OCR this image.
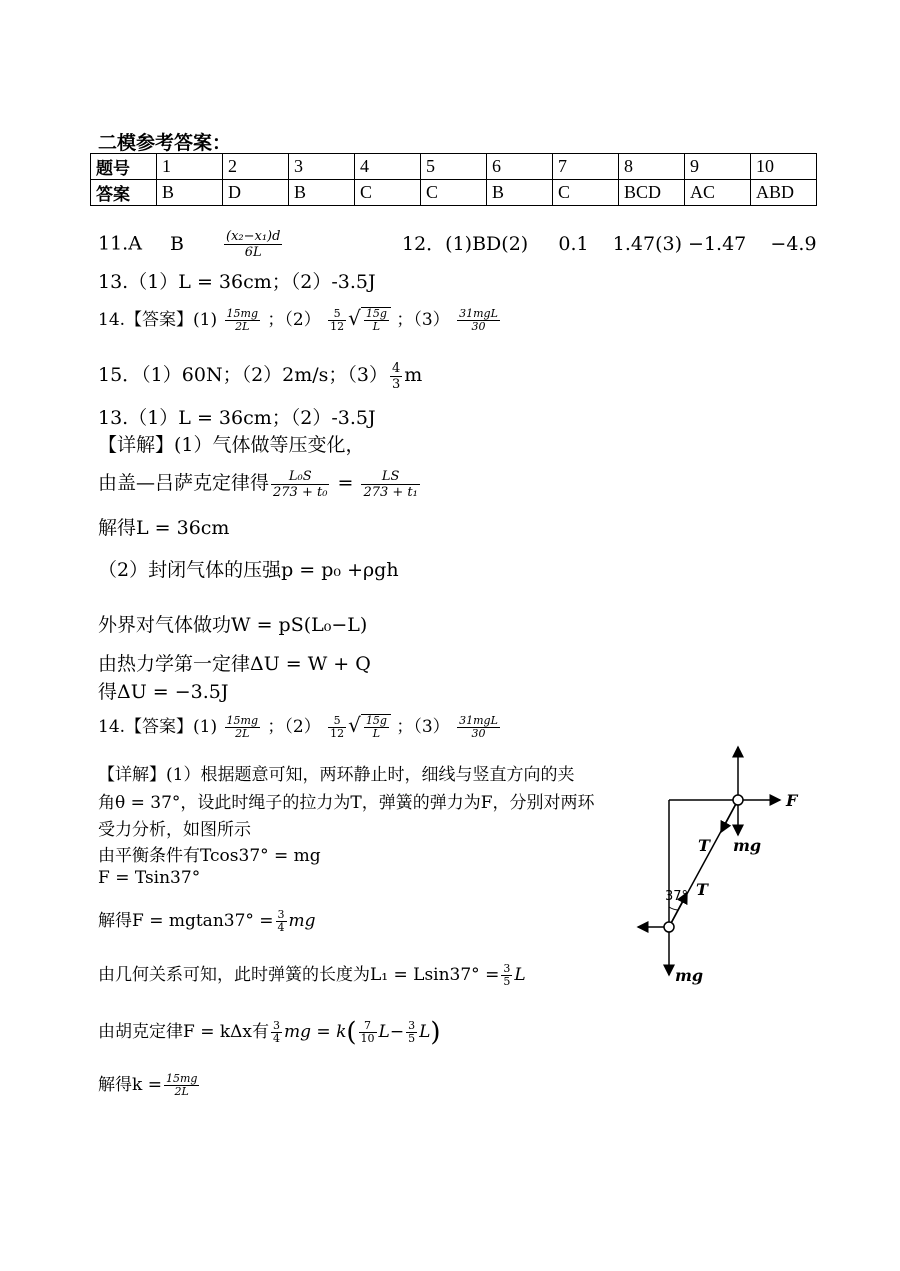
二模参考答案：
题号	1	2	3	4	5	6	7	8	9	10
答案	B	D	B	C	C	B	C	BCD	AC	ABD
11.A B	$\frac{\text{(x₂−x₁)d}}{6L}$	12．(1)BD(2)     0.1    1.47(3) −1.47    −4.9
13.（1）L = 36cm；（2）-3.5J
14.【答案】$(1) \frac{15mg}{2L}$ ；$(2) \frac{5}{12}$ √ $\frac{15g}{L}$ ；$(3) \frac{\text{31mgL}}{30}$
15．（1）60N；（2）2m/s；$(3) \frac{4}{3}$ m
13.（1）L = 36cm；（2）-3.5J
【详解】(1）气体做等压变化，
由盖—吕萨克定律得 $\frac{\text{L₀S}}{\text{273 + t₀}} = \frac{LS}{\text{273 + t₁}}$
解得L = 36cm
（2）封闭气体的压强p = p₀ +ρgh
外界对气体做功W = pS(L₀−L)
由热力学第一定律ΔU = W + Q
得ΔU = −3.5J
14.【答案】$(1) \frac{15mg}{2L}$ ；$(2) \frac{5}{12}$ √ $\frac{15g}{L}$ ；$(3) \frac{\text{31mgL}}{30}$
【详解】(1）根据题意可知，两环静止时，细线与竖直方向的夹
角θ = 37°，设此时绳子的拉力为T，弹簧的弹力为F，分别对两环
受力分析，如图所示
由平衡条件有Tcos37° = mg
F = Tsin37°
解得$F = mgtan37^\circ = \frac{3}{4}$ mg
由几何关系可知，此时弹簧的长度为$L_1 = Lsin37^\circ = \frac{3}{5}$ L
由胡克定律F = kΔx有 $\frac{3}{4}$ mg = $k( \frac{7}{10} L- \frac{3}{5} L)$
解得$k = \frac{15mg}{2L}$
F
mg
T
T
37°
mg
